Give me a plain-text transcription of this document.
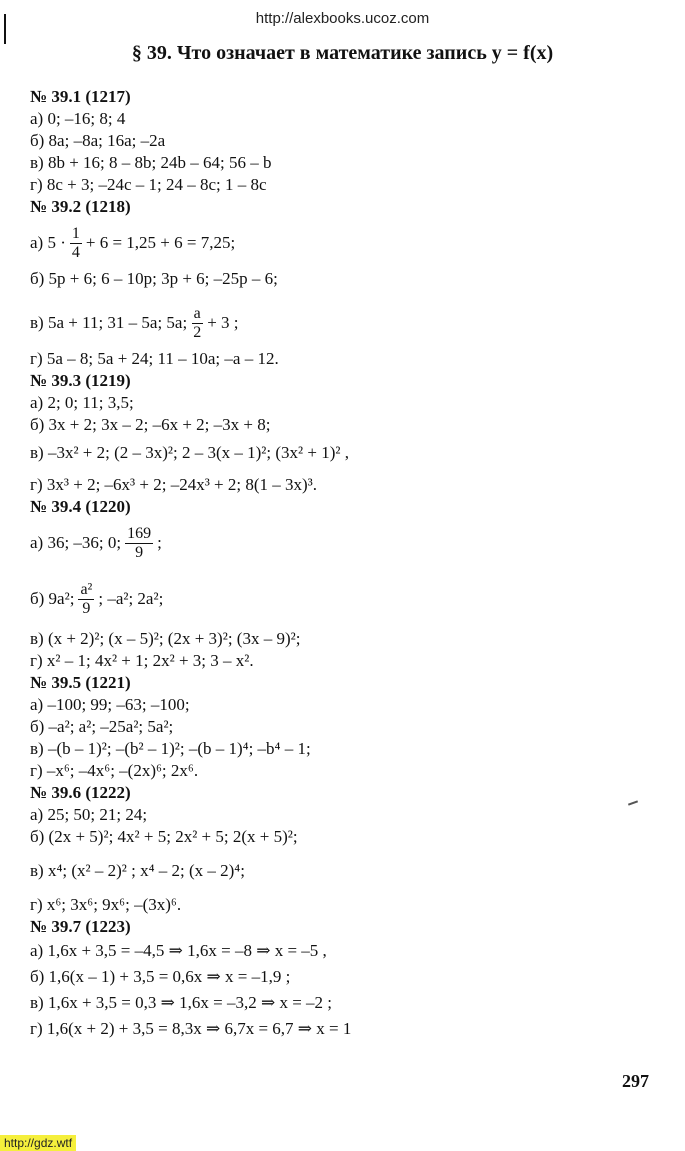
http://alexbooks.ucoz.com
§ 39. Что означает в математике запись y = f(x)
№ 39.1 (1217)
а) 0; –16; 8; 4
б) 8a; –8a; 16a; –2a
в) 8b + 16; 8 – 8b; 24b – 64; 56 – b
г) 8c + 3; –24c – 1; 24 – 8c; 1 – 8c
№ 39.2 (1218)
а) $5 \cdot \frac{1}{4} + 6 = 1,25 + 6 = 7,25$;
б) 5p + 6; 6 – 10p; 3p + 6; –25p – 6;
в) 5a + 11; 31 – 5a; 5a; $\frac{a}{2} + 3$ ;
г) 5a – 8; 5a + 24; 11 – 10a; –a – 12.
№ 39.3 (1219)
а) 2; 0; 11; 3,5;
б) 3x + 2; 3x – 2; –6x + 2; –3x + 8;
в) –3x² + 2; (2 – 3x)²; 2 – 3(x – 1)²; (3x² + 1)² ,
г) 3x³ + 2; –6x³ + 2; –24x³ + 2; 8(1 – 3x)³.
№ 39.4 (1220)
а) 36; –36; 0; $\frac{169}{9}$ ;
б) 9a²; $\frac{\text{a²}}{9}$ ; –a²; 2a²;
в) (x + 2)²; (x – 5)²; (2x + 3)²; (3x – 9)²;
г) x² – 1; 4x² + 1; 2x² + 3; 3 – x².
№ 39.5 (1221)
а) –100; 99; –63; –100;
б) –a²; a²; –25a²; 5a²;
в) –(b – 1)²; –(b² – 1)²; –(b – 1)⁴; –b⁴ – 1;
г) –x⁶; –4x⁶; –(2x)⁶; 2x⁶.
№ 39.6 (1222)
а) 25; 50; 21; 24;
б) (2x + 5)²; 4x² + 5; 2x² + 5; 2(x + 5)²;
в) x⁴; (x² – 2)² ; x⁴ – 2; (x – 2)⁴;
г) x⁶; 3x⁶; 9x⁶; –(3x)⁶.
№ 39.7 (1223)
а) 1,6x + 3,5 = –4,5 ⇒ 1,6x = –8 ⇒ x = –5 ,
б) 1,6(x – 1) + 3,5 = 0,6x ⇒ x = –1,9 ;
в) 1,6x + 3,5 = 0,3 ⇒ 1,6x = –3,2 ⇒ x = –2 ;
г) 1,6(x + 2) + 3,5 = 8,3x ⇒ 6,7x = 6,7 ⇒ x = 1
297
http://gdz.wtf
